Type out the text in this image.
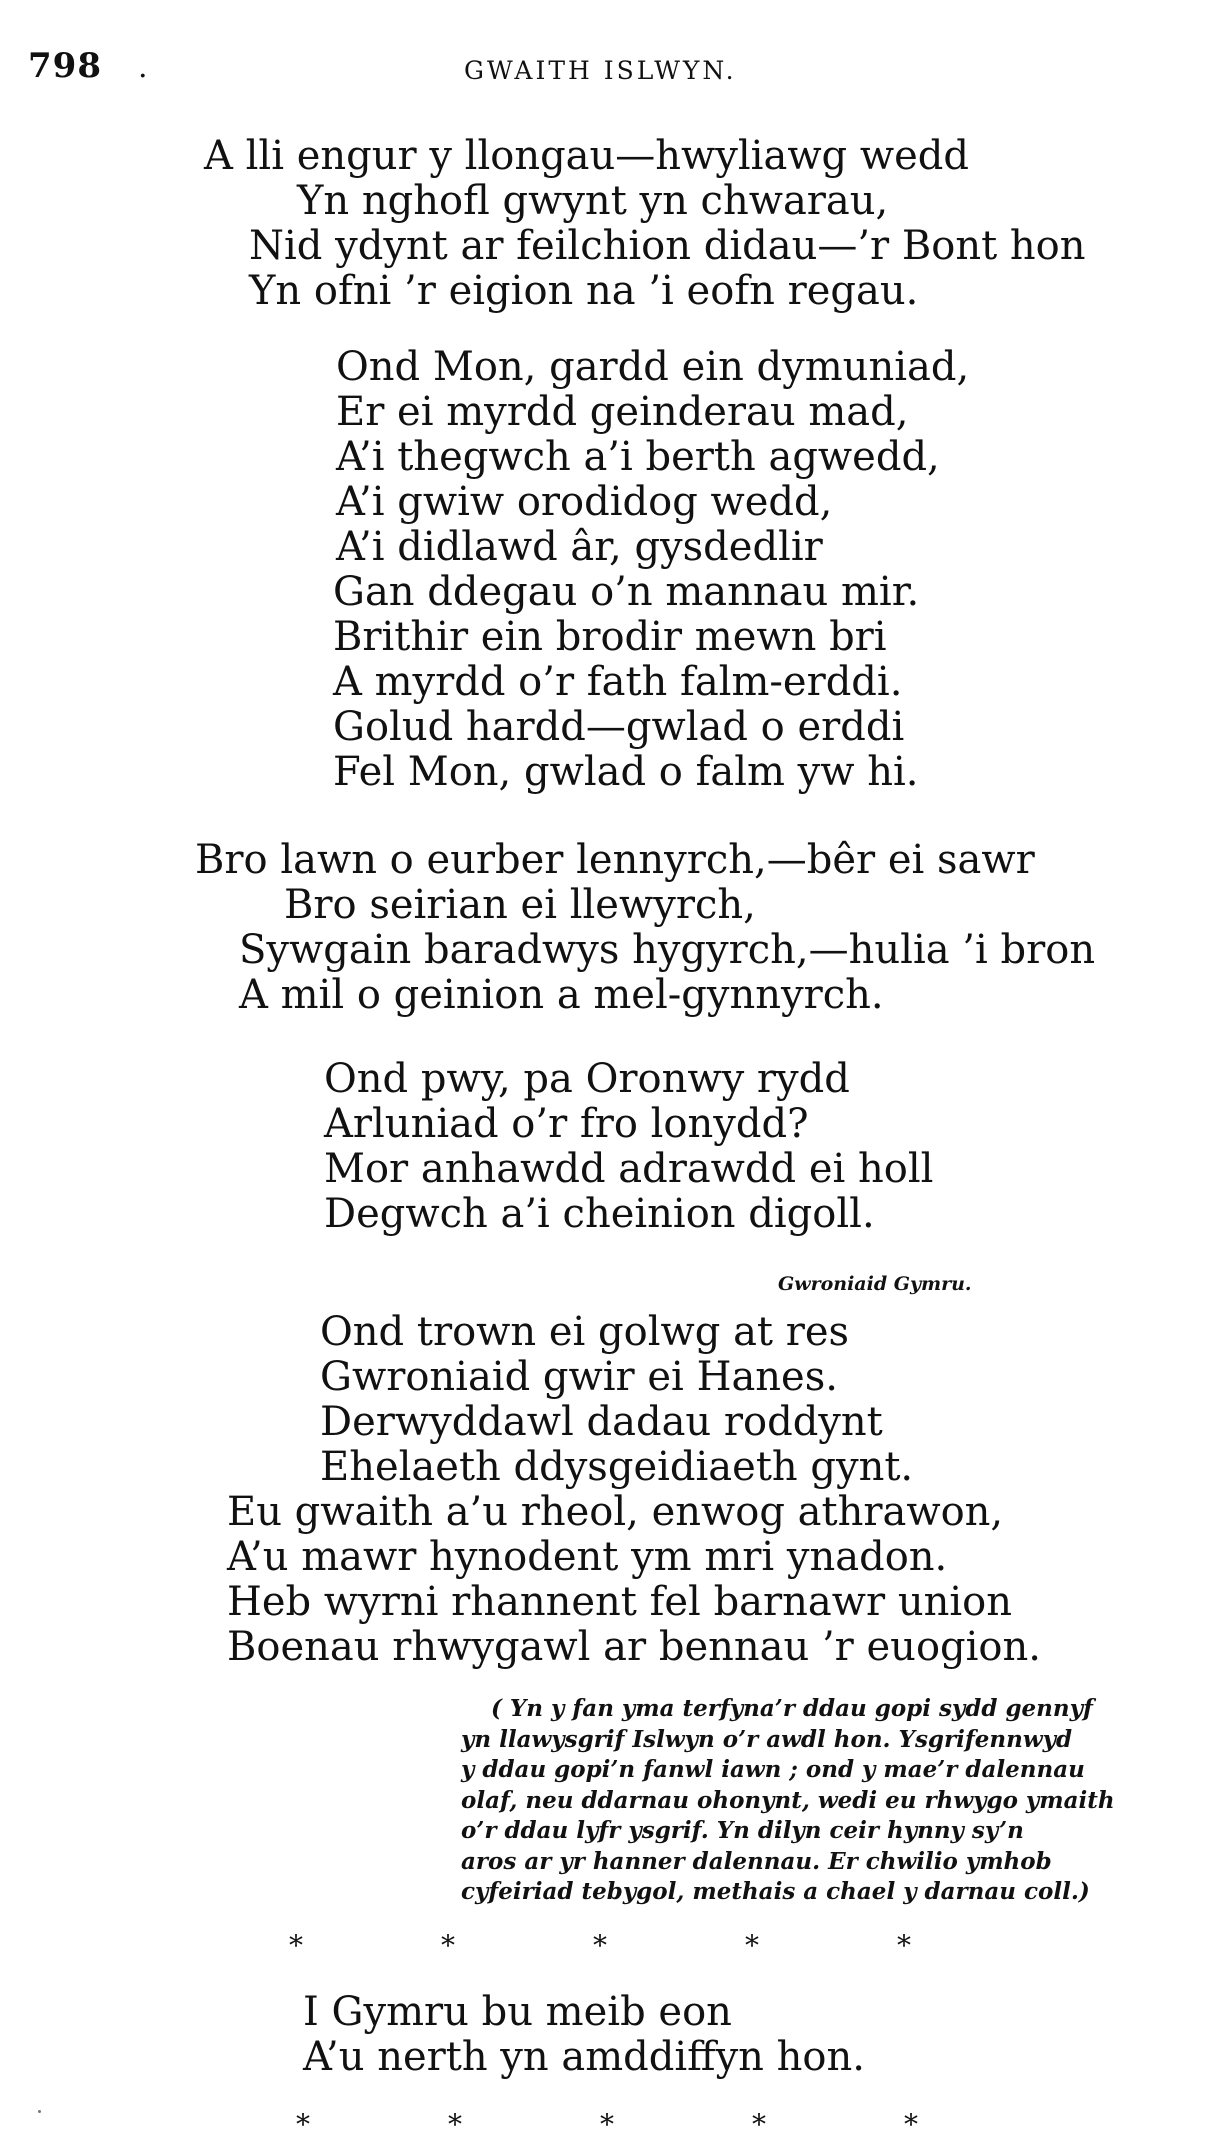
798 .	GWAITH ISLWYN.
A lli engur y llongau—hwyliawg wedd
Yn nghofl gwynt yn chwarau,
Nid ydynt ar feilchion didau—’r Bont hon
Yn ofni ’r eigion na ’i eofn regau.
Ond Mon, gardd ein dymuniad,
Er ei myrdd geinderau mad,
A’i thegwch a’i berth agwedd,
A’i gwiw orodidog wedd,
A’i didlawd âr, gysdedlir
Gan ddegau o’n mannau mir.
Brithir ein brodir mewn bri
A myrdd o’r fath falm-erddi.
Golud hardd—gwlad o erddi
Fel Mon, gwlad o falm yw hi.
Bro lawn o eurber lennyrch,—bêr ei sawr
Bro seirian ei llewyrch,
Sywgain baradwys hygyrch,—hulia ’i bron
A mil o geinion a mel-gynnyrch.
Ond pwy, pa Oronwy rydd
Arluniad o’r fro lonydd?
Mor anhawdd adrawdd ei holl
Degwch a’i cheinion digoll.
Gwroniaid Gymru.
Ond trown ei golwg at res
Gwroniaid gwir ei Hanes.
Derwyddawl dadau roddynt
Ehelaeth ddysgeidiaeth gynt.
Eu gwaith a’u rheol, enwog athrawon,
A’u mawr hynodent ym mri ynadon.
Heb wyrni rhannent fel barnawr union
Boenau rhwygawl ar bennau ’r euogion.
( Yn y fan yma terfyna’r ddau gopi sydd gennyf
yn llawysgrif Islwyn o’r awdl hon. Ysgrifennwyd
y ddau gopi’n fanwl iawn ; ond y mae’r dalennau
olaf, neu ddarnau ohonynt, wedi eu rhwygo ymaith
o’r ddau lyfr ysgrif. Yn dilyn ceir hynny sy’n
aros ar yr hanner dalennau. Er chwilio ymhob
cyfeiriad tebygol, methais a chael y darnau coll.)
*	*	*	*	*
I Gymru bu meib eon
A’u nerth yn amddiffyn hon.
*	*	*	*	*
